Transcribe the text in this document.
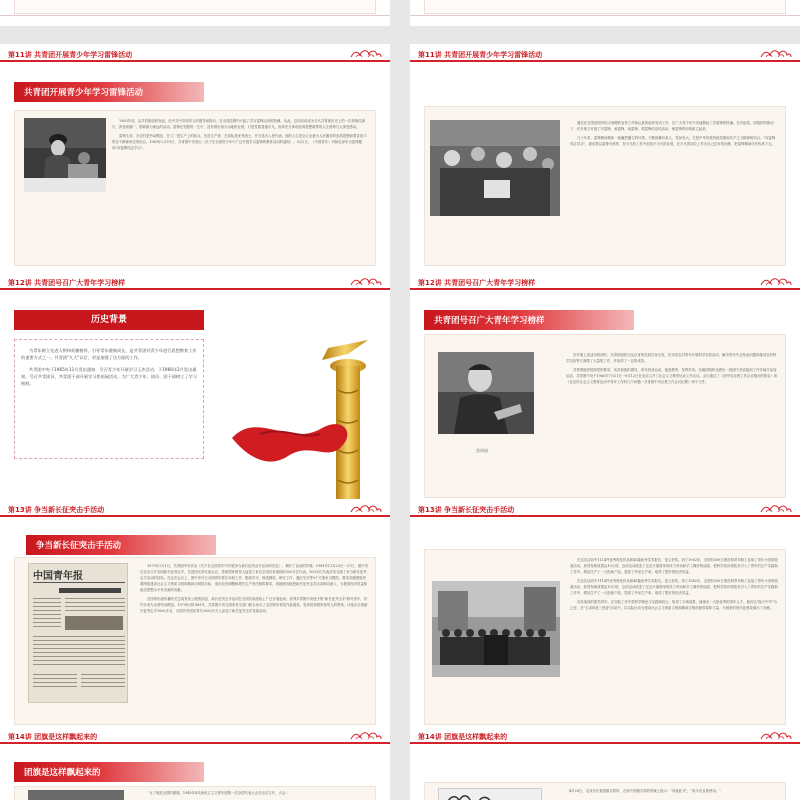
第11讲 共青团开展青少年学习雷锋活动
共青团开展青少年学习雷锋活动

1963年初，由共青团组织发起，经中共中央领导人的倡导和推动，在全国范围内兴起了学习雷锋活动的热潮。从此，这项活动成为当代共青团历史上的一次持续性最长、涉及面最广、影响最为深远的活动。雷锋在短暂的一生中，没有做出惊天动地的业绩，只是凭着普通平凡，但却充分体现崇高思想境界的人生使命乃人深受感动。

雷锋生前，在农村是劳动模范，在工厂是生产上的标兵，先进生产者，在部队是优秀战士，并当选为人民代表。他的人生是全心全意为人民服务的崇高思想和艰苦奋斗的实干精神的完美结合。1963年2月15日，共青团中央发出《关于在全国青少年中广泛开展学习雷锋的教育活动的通知》。3月2日，《中国青年》刊载毛泽东为雷锋题词"向雷锋同志学习"。

第11讲 共青团开展青少年学习雷锋活动

通过在全国范围内的大规模的宣传工作和认真的组织发动工作，在广大青少年中迅速掀起了学雷锋的热潮。在各地党、团组织的推动下，许多地方开展了写雷锋、画雷锋、演雷锋、唱雷锋的宣传活动，使雷锋的形象树立起来。

几十年来，雷锋精神展如一座巍然矗立的灯塔，不断鼓舞后来人，发扬光大。它是中华民族传统美德和共产主义精神的结合。"向雷锋同志学习"，我们要以雷锋为榜样，在平凡的工作中创造不平凡的业绩，在平凡的岗位上作出自己应有的贡献，把雷锋精神代代传承下去。

第12讲 共青团号召广大青年学习榜样
历史背景

为青年树立先进人物和英模榜样，引导青年健康成长，是共青团对青少年进行思想教育工作的重要方式之一。共青团"九大"以后，更是加强了这方面的工作。

共青团中央于1965年11月发出通知，号召青少年开展学习王杰活动；于1966年2月发出通知，号召共青团员、共青团干部开展学习焦裕禄活动，为广大青少年、团员、团干部树立了学习榜样。

第12讲 共青团号召广大青年学习榜样
共青团号召广大青年学习榜样
焦裕禄

在开展上述活动的同时，共青团组织还从自身的性质任务出发，在动员农村青年开展科学实验活动、解决青年失业待业问题和推动农村科学实验等方面做了大量的工作，并取得了一定的成效。

共青团组织按照党的要求，动员和组织团员、青年投身运动，接受教育，发挥作用。各级团组织也派出一批团干部直接到了许多地方参加运动。共青团中央于1965年7月21日一8月12日在北京召开了社会主义教育运动工作会议。会议通过了《团中央社教工作会议情况的报告》和《在农村社会主义教育运动中青年工作的几个问题一共青团中央社教工作会议纪要》两个文件。

第13讲 争当新长征突击手活动
争当新长征突击手活动
中国青年报

1979年3月1日，共青团中央作出《关于在全国青年中开展争当新长征突击手活动的决定》，揭开了活动的序幕。1981年11月23日一27日，团中央在北京召开全国新长征突击手、先进团支部代表会议，党和国家领导人接见了来自全国各条战线的300多位代表。300多位代表总结交流了争当新长征突击手活动的经验。在这次会议上，团中央号召全国青年要在本职工作、勤奋学习、规范制度、研究工作、遵纪守法等5个方面争当模范，要求各级团组织要围绕建设社会主义物质文明和精神文明的目标，适应经济调整和增长生产责任制的要求，因地制宜地把新长征突击手活动推向深入，为提高经济效益和政治思想水平作出新的贡献。

在国家出版传播有关总局发布公报的消息，新长征突击手活动在全国各条战线上广泛开展起来。获得共青团中央授予的"新长征突击手"称号者中，有许多成为全国劳动模范。1979年到1983年，共青团中央与国家有关部门联合举办了全国青年科技作品展览，受到党和国家领导人的赞扬，评选出全国新长征突击手1000多名，全国共有团员青年2000多万人参加了新长征突击手竞赛活动。

第13讲 争当新长征突击手活动

在这次活动中1114件优秀科技作品和40篇优秀学术报告、论文获奖。到了1982年，全国有300万团员和青年职工参加了青年小发明竞赛活动，获得发明成果达10万项，这项活动改变了过去只靠简单的体力劳动和手工操作的局面，把科学知识和技术引入了青年的生产实践和工作中，增加生产了一大批新产品，提高了劳动生产率，取得了很好的经济效益。

在这次活动中1114件优秀科技作品和40篇优秀学术报告、论文获奖。到了1982年，全国有300万团员和青年职工参加了青年小发明竞赛活动，获得发明成果达10万项，这项活动改变了过去只靠简单的体力劳动和手工操作的局面，把科学知识和技术引入了青年的生产实践和工作中，增加生产了一大批新产品，提高了劳动生产率，取得了很好的经济效益。

各条战线的团员青年，在实际工作中把科学理论与实践相结合，取得了丰硕成果，涌现出一大批优秀的青年人才。他们以"振兴中华"为己任，在"五讲四美三热爱"活动中，以实际行动为建设社会主义物质文明和精神文明贡献青春和力量，为国家的现代化建设做出了贡献。

第14讲 团旗是这样飘起来的
团旗是这样飘起来的

为了规范全国的团旗，1949年4月新民主主义青年团第一次全国代表大会在北京召开，大会...

第14讲 团旗是这样飘起来的

4月28日，毛泽东在看团旗式样时，在两个团旗式样的图案上批示："同意此式"，"同今后宣传使用。"
